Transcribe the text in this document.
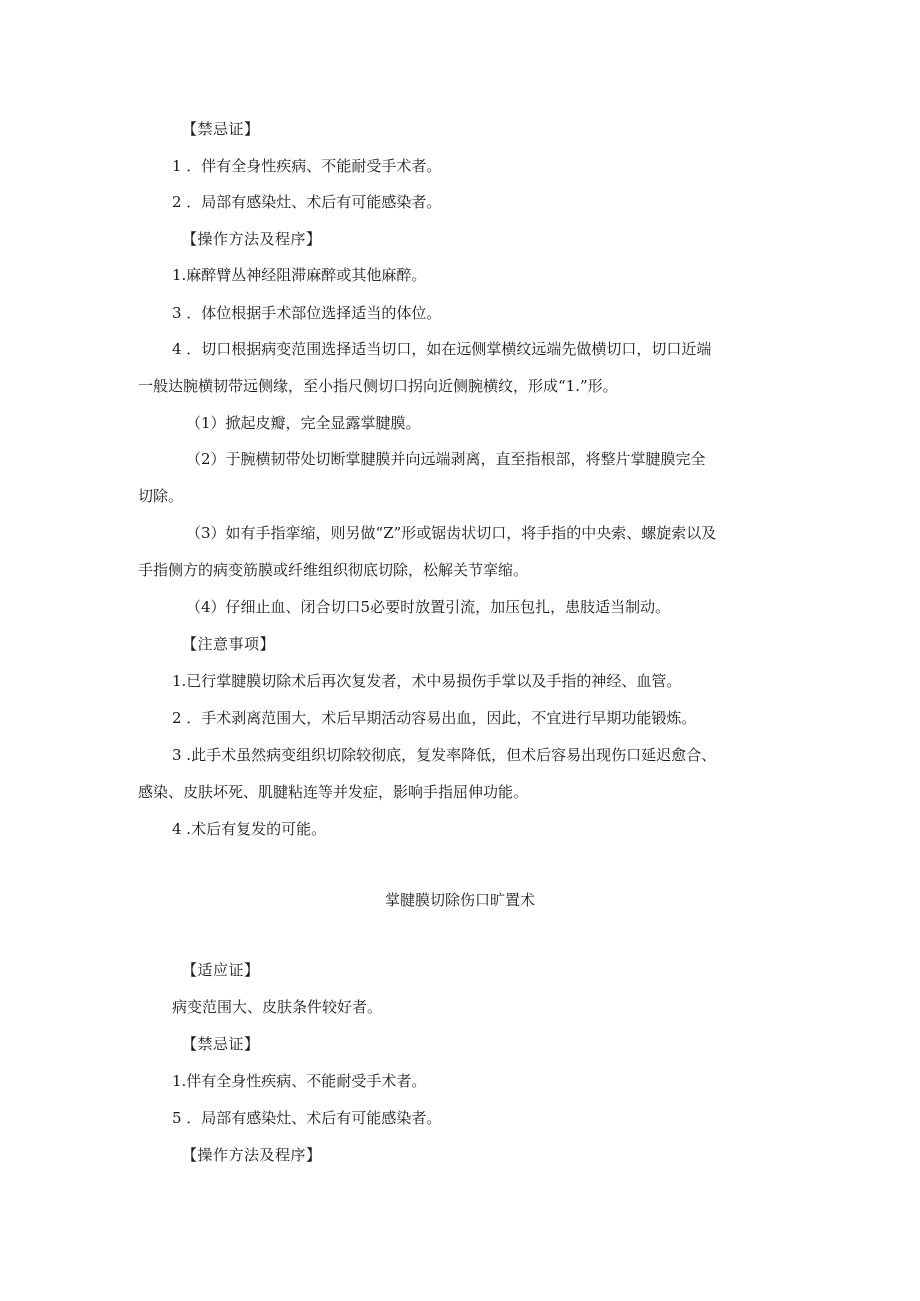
【禁忌证】
1 ．伴有全身性疾病、不能耐受手术者。
2 ．局部有感染灶、术后有可能感染者。
【操作方法及程序】
1.麻醉臂丛神经阻滞麻醉或其他麻醉。
3 ．体位根据手术部位选择适当的体位。
4 ．切口根据病变范围选择适当切口，如在远侧掌横纹远端先做横切口，切口近端
一般达腕横韧带远侧缘，至小指尺侧切口拐向近侧腕横纹，形成“1.”形。
（1）掀起皮瓣，完全显露掌腱膜。
（2）于腕横韧带处切断掌腱膜并向远端剥离，直至指根部，将整片掌腱膜完全
切除。
（3）如有手指挛缩，则另做“Z”形或锯齿状切口，将手指的中央索、螺旋索以及
手指侧方的病变筋膜或纤维组织彻底切除，松解关节挛缩。
（4）仔细止血、闭合切口5必要时放置引流，加压包扎，患肢适当制动。
【注意事项】
1.已行掌腱膜切除术后再次复发者，术中易损伤手掌以及手指的神经、血管。
2 ．手术剥离范围大，术后早期活动容易出血，因此，不宜进行早期功能锻炼。
3 .此手术虽然病变组织切除较彻底，复发率降低，但术后容易出现伤口延迟愈合、
感染、皮肤坏死、肌腱粘连等并发症，影响手指屈伸功能。
4 .术后有复发的可能。
掌腱膜切除伤口旷置术
【适应证】
病变范围大、皮肤条件较好者。
【禁忌证】
1.伴有全身性疾病、不能耐受手术者。
5 ．局部有感染灶、术后有可能感染者。
【操作方法及程序】
